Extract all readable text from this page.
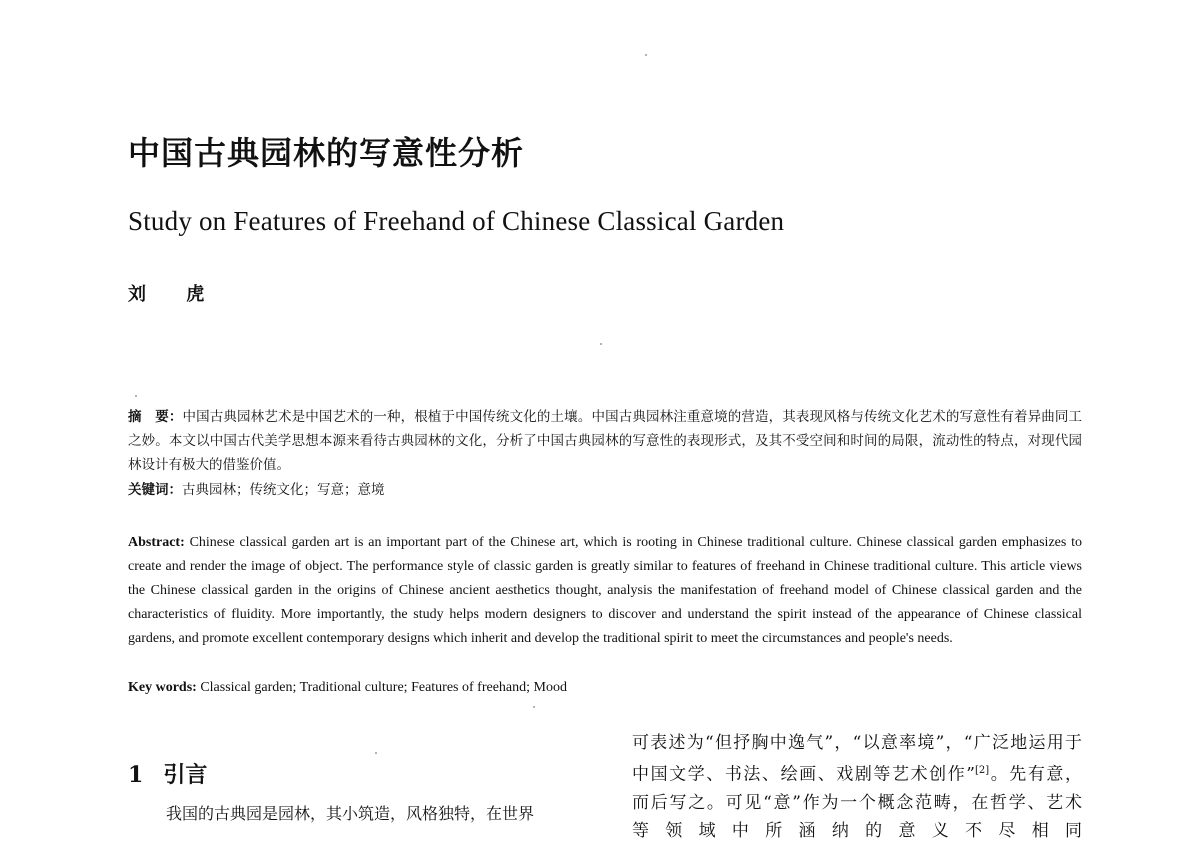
中国古典园林的写意性分析
Study on Features of Freehand of Chinese Classical Garden
刘 虎
摘　要：中国古典园林艺术是中国艺术的一种，根植于中国传统文化的土壤。中国古典园林注重意境的营造，其表现风格与传统文化艺术的写意性有着异曲同工之妙。本文以中国古代美学思想本源来看待古典园林的文化，分析了中国古典园林的写意性的表现形式，及其不受空间和时间的局限，流动性的特点，对现代园林设计有极大的借鉴价值。
关键词：古典园林；传统文化；写意；意境
Abstract: Chinese classical garden art is an important part of the Chinese art, which is rooting in Chinese traditional culture. Chinese classical garden emphasizes to create and render the image of object. The performance style of classic garden is greatly similar to features of freehand in Chinese traditional culture. This article views the Chinese classical garden in the origins of Chinese ancient aesthetics thought, analysis the manifestation of freehand model of Chinese classical garden and the characteristics of fluidity. More importantly, the study helps modern designers to discover and understand the spirit instead of the appearance of Chinese classical gardens, and promote excellent contemporary designs which inherit and develop the traditional spirit to meet the circumstances and people's needs.
Key words: Classical garden; Traditional culture; Features of freehand; Mood
1 引言
我国的古典园是园林，其小筑造，风格独特，在世界
可表述为“但抒胸中逸气”，“以意率境”，“广泛地运用于
中国文学、书法、绘画、戏剧等艺术创作”[2]。先有意，
而后写之。可见“意”作为一个概念范畴，在哲学、艺术
等领域中所涵纳的意义不尽相同
